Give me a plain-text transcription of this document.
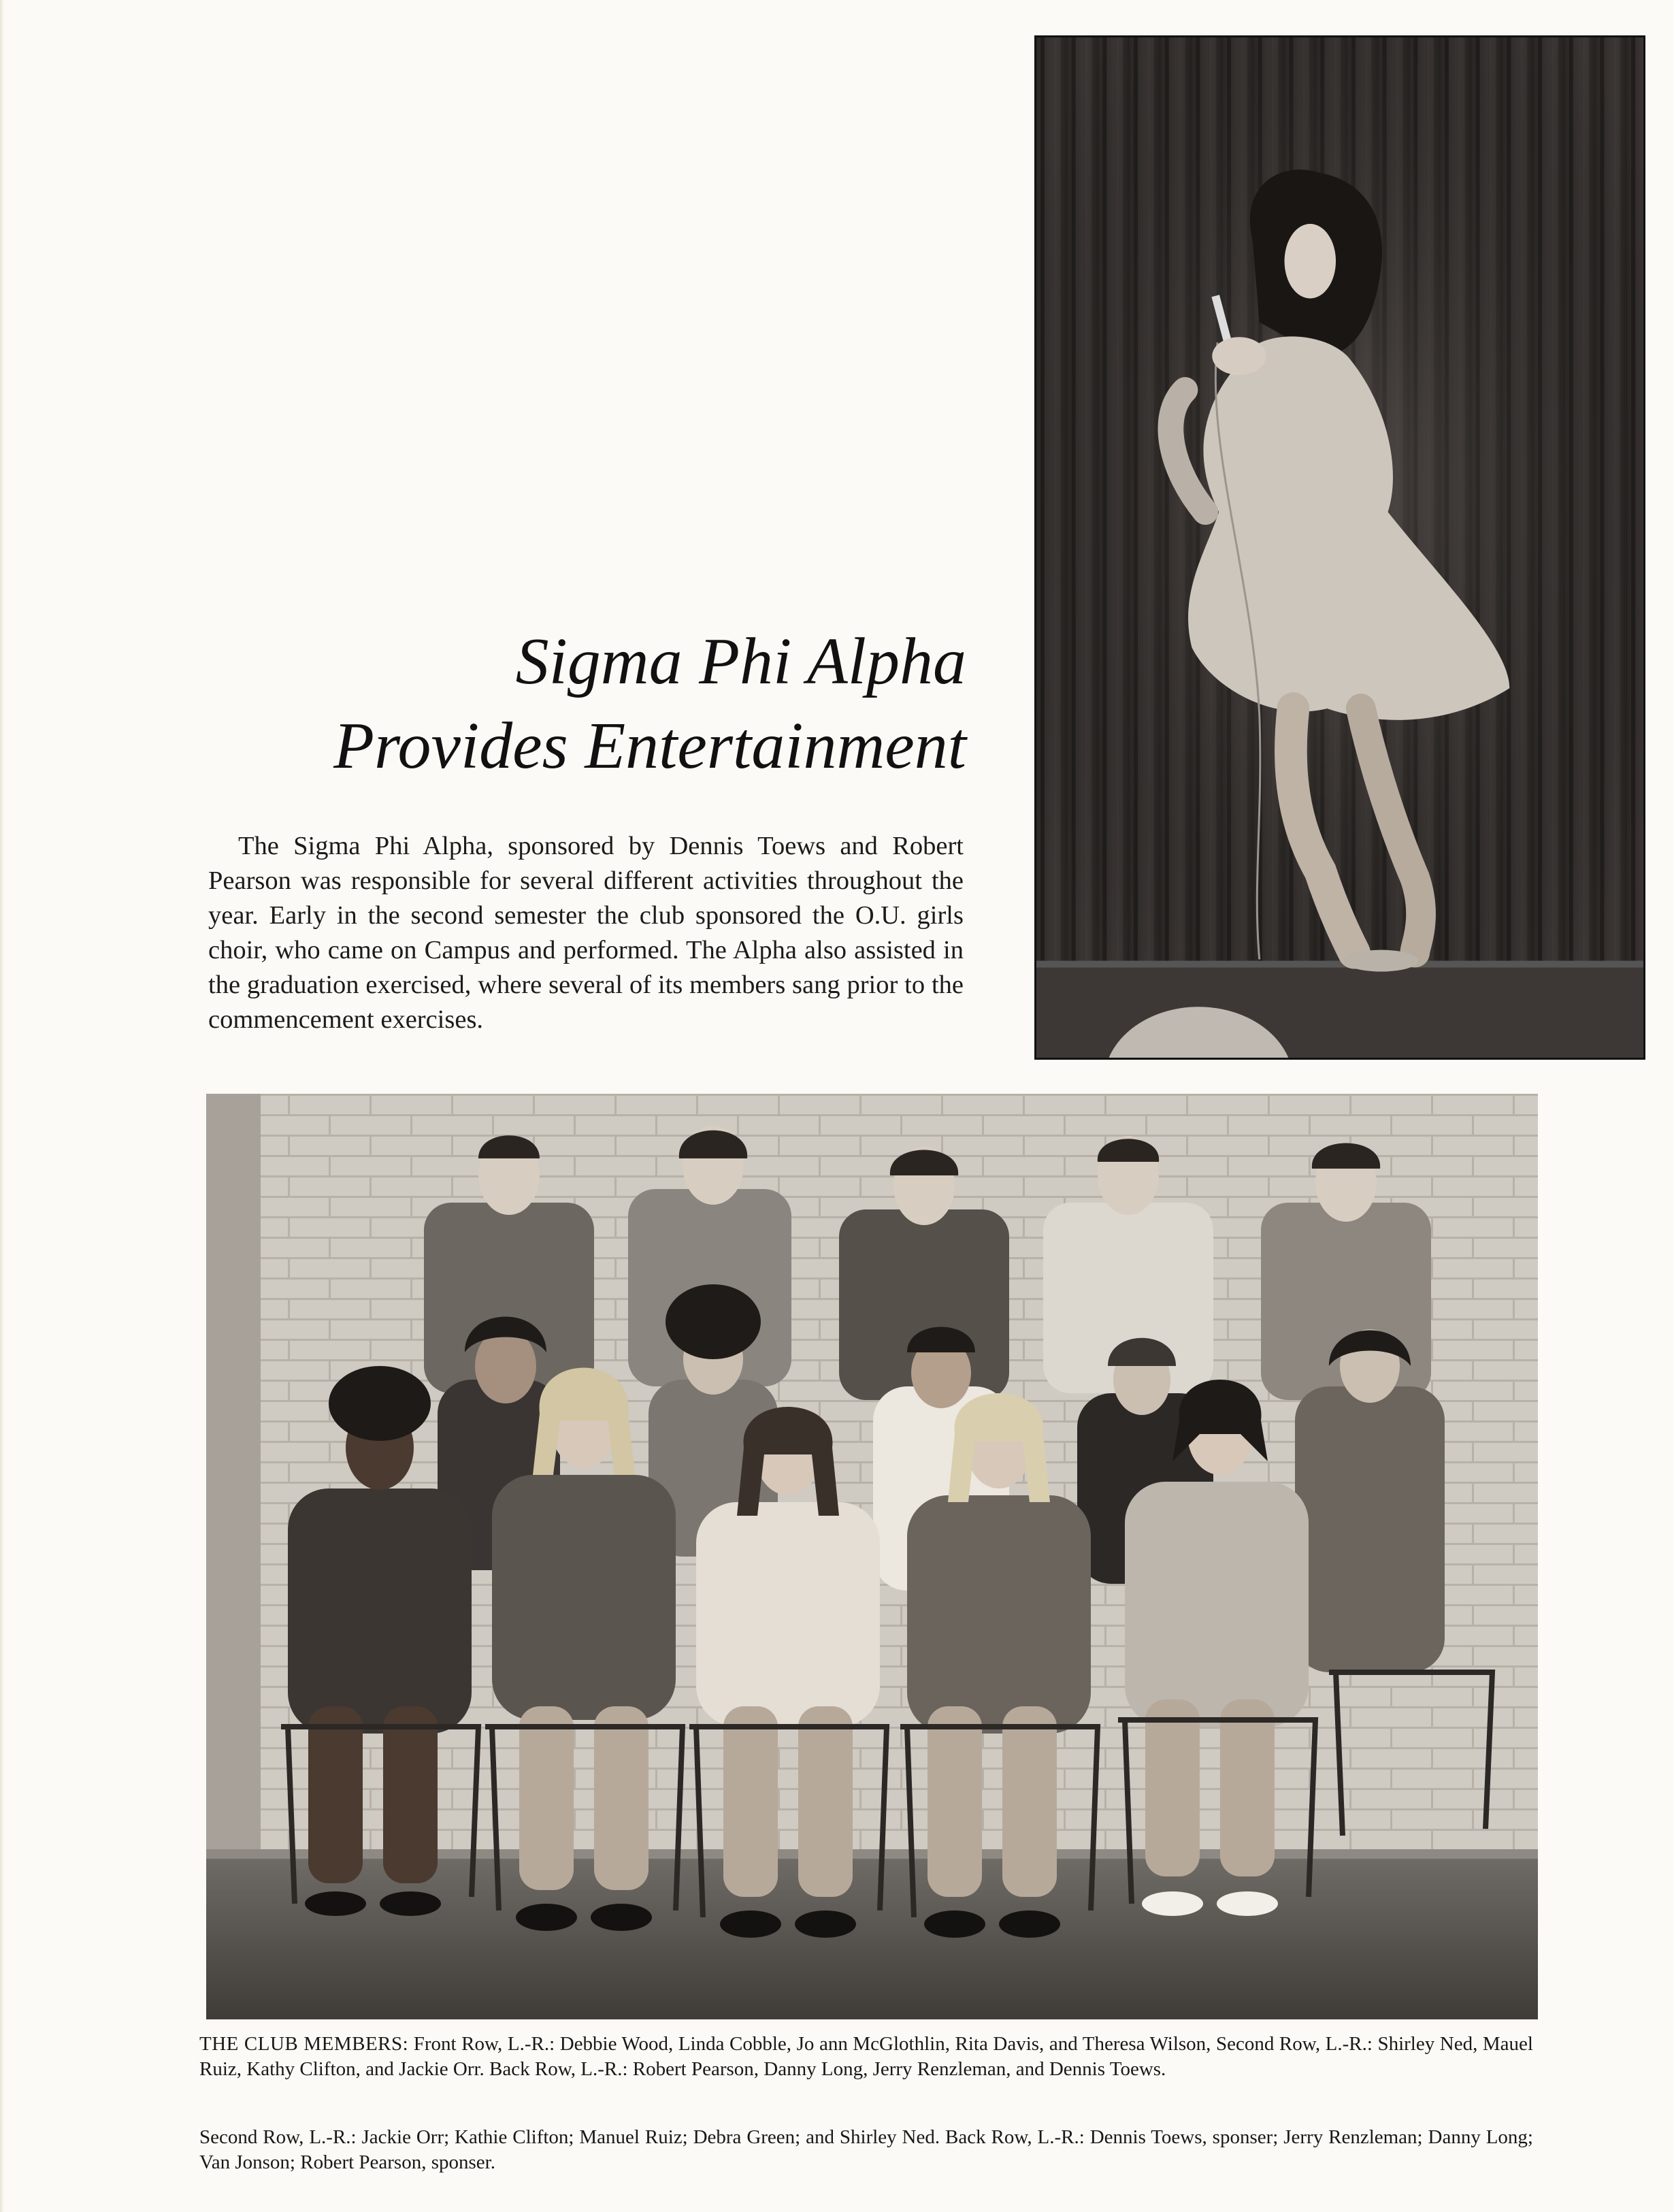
Sigma Phi Alpha
Provides Entertainment

The Sigma Phi Alpha, sponsored by Dennis Toews and Robert Pearson was responsible for several different activities throughout the year. Early in the second semester the club sponsored the O.U. girls choir, who came on Campus and performed. The Alpha also assisted in the graduation exercised, where several of its members sang prior to the commencement exercises.

THE CLUB MEMBERS: Front Row, L.-R.: Debbie Wood, Linda Cobble, Jo ann McGlothlin, Rita Davis, and Theresa Wilson, Second Row, L.-R.: Shirley Ned, Mauel Ruiz, Kathy Clifton, and Jackie Orr. Back Row, L.-R.: Robert Pearson, Danny Long, Jerry Renzleman, and Dennis Toews.

Second Row, L.-R.: Jackie Orr; Kathie Clifton; Manuel Ruiz; Debra Green; and Shirley Ned. Back Row, L.-R.: Dennis Toews, sponser; Jerry Renzleman; Danny Long; Van Jonson; Robert Pearson, sponser.
